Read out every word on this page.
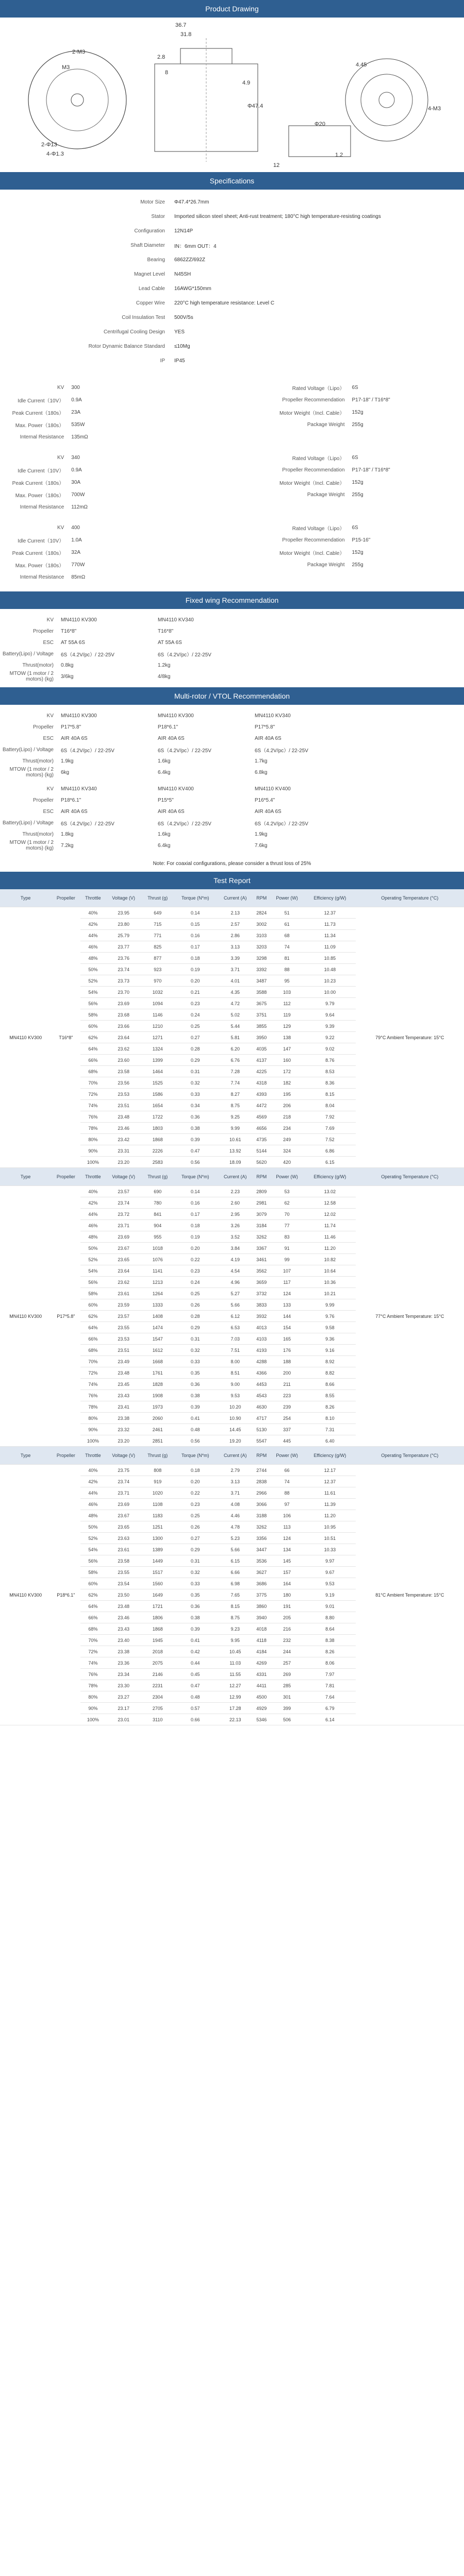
Product Drawing
36.7
31.8
2.8
8
4.9
4.45
Φ47.4
Φ20
12
2-M3
M3
1.2
2-Φ13
4-Φ1.3
4-M3
Specifications
Motor Size	Φ47.4*26.7mm
Stator	Imported silicon steel sheet; Anti-rust treatment; 180°C high temperature-resisting coatings
Configuration	12N14P
Shaft Diameter	IN：6mm OUT：4
Bearing	6862ZZ/692Z
Magnet Level	N45SH
Lead Cable	16AWG*150mm
Copper Wire	220°C high temperature resistance: Level C
Coil Insulation Test	500V/5s
Centrifugal Cooling Design	YES
Rotor Dynamic Balance Standard	≤10Mg
IP	IP45
KV	300	Rated Voltage（Lipo）	6S
Idle Current（10V）	0.9A	Propeller Recommendation	P17-18" / T16*8"
Peak Current（180s）	23A	Motor Weight（Incl. Cable）	152g
Max. Power（180s）	535W	Package Weight	255g
Internal Resistance	135mΩ		
KV	340	Rated Voltage（Lipo）	6S
Idle Current（10V）	0.9A	Propeller Recommendation	P17-18" / T16*8"
Peak Current（180s）	30A	Motor Weight（Incl. Cable）	152g
Max. Power（180s）	700W	Package Weight	255g
Internal Resistance	112mΩ		
KV	400	Rated Voltage（Lipo）	6S
Idle Current（10V）	1.0A	Propeller Recommendation	P15-16"
Peak Current（180s）	32A	Motor Weight（Incl. Cable）	152g
Max. Power（180s）	770W	Package Weight	255g
Internal Resistance	85mΩ		
Fixed wing Recommendation
KV	MN4110 KV300	MN4110 KV340	
Propeller	T16*8"	T16*8"	
ESC	AT 55A 6S	AT 55A 6S	
Battery(Lipo) / Voltage	6S（4.2V/pc）/ 22-25V	6S（4.2V/pc）/ 22-25V	
Thrust(motor)	0.8kg	1.2kg	
MTOW (1 motor / 2 motors) (kg)	3/6kg	4/8kg	
Multi-rotor / VTOL Recommendation
KV	MN4110 KV300	MN4110 KV300	MN4110 KV340	
Propeller	P17*5.8"	P18*6.1"	P17*5.8"	
ESC	AIR 40A 6S	AIR 40A 6S	AIR 40A 6S	
Battery(Lipo) / Voltage	6S（4.2V/pc）/ 22-25V	6S（4.2V/pc）/ 22-25V	6S（4.2V/pc）/ 22-25V	
Thrust(motor)	1.9kg	1.6kg	1.7kg	
MTOW (1 motor / 2 motors) (kg)	6kg	6.4kg	6.8kg	
KV	MN4110 KV340	MN4110 KV400	MN4110 KV400	
Propeller	P18*6.1"	P15*5"	P16*5.4"	
ESC	AIR 40A 6S	AIR 40A 6S	AIR 40A 6S	
Battery(Lipo) / Voltage	6S（4.2V/pc）/ 22-25V	6S（4.2V/pc）/ 22-25V	6S（4.2V/pc）/ 22-25V	
Thrust(motor)	1.8kg	1.6kg	1.9kg	
MTOW (1 motor / 2 motors) (kg)	7.2kg	6.4kg	7.6kg	
Note: For coaxial configurations, please consider a thrust loss of 25%
Test Report
Type	Propeller	Throttle	Voltage (V)	Thrust (g)	Torque (N*m)	Current (A)	RPM	Power (W)	Efficiency (g/W)	Operating Temperature (°C)
MN4110 KV300	T16*8"	40%	23.95	649	0.14	2.13	2824	51	12.37	79°C Ambient Temperature: 15°C
		42%	23.80	715	0.15	2.57	3002	61	11.73	
		44%	25.79	771	0.16	2.86	3103	68	11.34	
		46%	23.77	825	0.17	3.13	3203	74	11.09	
		48%	23.76	877	0.18	3.39	3298	81	10.85	
		50%	23.74	923	0.19	3.71	3392	88	10.48	
		52%	23.73	970	0.20	4.01	3487	95	10.23	
		54%	23.70	1032	0.21	4.35	3588	103	10.00	
		56%	23.69	1094	0.23	4.72	3675	112	9.79	
		58%	23.68	1146	0.24	5.02	3751	119	9.64	
		60%	23.66	1210	0.25	5.44	3855	129	9.39	
		62%	23.64	1271	0.27	5.81	3950	138	9.22	
		64%	23.62	1324	0.28	6.20	4035	147	9.02	
		66%	23.60	1399	0.29	6.76	4137	160	8.76	
		68%	23.58	1464	0.31	7.28	4225	172	8.53	
		70%	23.56	1525	0.32	7.74	4318	182	8.36	
		72%	23.53	1586	0.33	8.27	4393	195	8.15	
		74%	23.51	1654	0.34	8.75	4472	206	8.04	
		76%	23.48	1722	0.36	9.25	4569	218	7.92	
		78%	23.46	1803	0.38	9.99	4656	234	7.69	
		80%	23.42	1868	0.39	10.61	4735	249	7.52	
		90%	23.31	2226	0.47	13.92	5144	324	6.86	
		100%	23.20	2583	0.56	18.09	5620	420	6.15	
Type	Propeller	Throttle	Voltage (V)	Thrust (g)	Torque (N*m)	Current (A)	RPM	Power (W)	Efficiency (g/W)	Operating Temperature (°C)
MN4110 KV300	P17*5.8"	40%	23.57	690	0.14	2.23	2809	53	13.02	77°C Ambient Temperature: 15°C
		42%	23.74	780	0.16	2.60	2981	62	12.58	
		44%	23.72	841	0.17	2.95	3079	70	12.02	
		46%	23.71	904	0.18	3.26	3184	77	11.74	
		48%	23.69	955	0.19	3.52	3262	83	11.46	
		50%	23.67	1018	0.20	3.84	3367	91	11.20	
		52%	23.65	1076	0.22	4.19	3461	99	10.82	
		54%	23.64	1141	0.23	4.54	3562	107	10.64	
		56%	23.62	1213	0.24	4.96	3659	117	10.36	
		58%	23.61	1264	0.25	5.27	3732	124	10.21	
		60%	23.59	1333	0.26	5.66	3833	133	9.99	
		62%	23.57	1408	0.28	6.12	3932	144	9.76	
		64%	23.55	1474	0.29	6.53	4013	154	9.58	
		66%	23.53	1547	0.31	7.03	4103	165	9.36	
		68%	23.51	1612	0.32	7.51	4193	176	9.16	
		70%	23.49	1668	0.33	8.00	4288	188	8.92	
		72%	23.48	1761	0.35	8.51	4366	200	8.82	
		74%	23.45	1828	0.36	9.00	4453	211	8.66	
		76%	23.43	1908	0.38	9.53	4543	223	8.55	
		78%	23.41	1973	0.39	10.20	4630	239	8.26	
		80%	23.38	2060	0.41	10.90	4717	254	8.10	
		90%	23.32	2461	0.48	14.45	5130	337	7.31	
		100%	23.20	2851	0.56	19.20	5547	445	6.40	
Type	Propeller	Throttle	Voltage (V)	Thrust (g)	Torque (N*m)	Current (A)	RPM	Power (W)	Efficiency (g/W)	Operating Temperature (°C)
MN4110 KV300	P18*6.1"	40%	23.75	808	0.18	2.79	2744	66	12.17	81°C Ambient Temperature: 15°C
		42%	23.74	919	0.20	3.13	2838	74	12.37	
		44%	23.71	1020	0.22	3.71	2966	88	11.61	
		46%	23.69	1108	0.23	4.08	3066	97	11.39	
		48%	23.67	1183	0.25	4.46	3188	106	11.20	
		50%	23.65	1251	0.26	4.78	3262	113	10.95	
		52%	23.63	1300	0.27	5.23	3356	124	10.51	
		54%	23.61	1389	0.29	5.66	3447	134	10.33	
		56%	23.58	1449	0.31	6.15	3536	145	9.97	
		58%	23.55	1517	0.32	6.66	3627	157	9.67	
		60%	23.54	1560	0.33	6.98	3686	164	9.53	
		62%	23.50	1649	0.35	7.65	3775	180	9.19	
		64%	23.48	1721	0.36	8.15	3860	191	9.01	
		66%	23.46	1806	0.38	8.75	3940	205	8.80	
		68%	23.43	1868	0.39	9.23	4018	216	8.64	
		70%	23.40	1945	0.41	9.95	4118	232	8.38	
		72%	23.38	2018	0.42	10.45	4184	244	8.26	
		74%	23.36	2075	0.44	11.03	4269	257	8.06	
		76%	23.34	2146	0.45	11.55	4331	269	7.97	
		78%	23.30	2231	0.47	12.27	4411	285	7.81	
		80%	23.27	2304	0.48	12.99	4500	301	7.64	
		90%	23.17	2705	0.57	17.28	4929	399	6.79	
		100%	23.01	3110	0.66	22.13	5346	506	6.14	
